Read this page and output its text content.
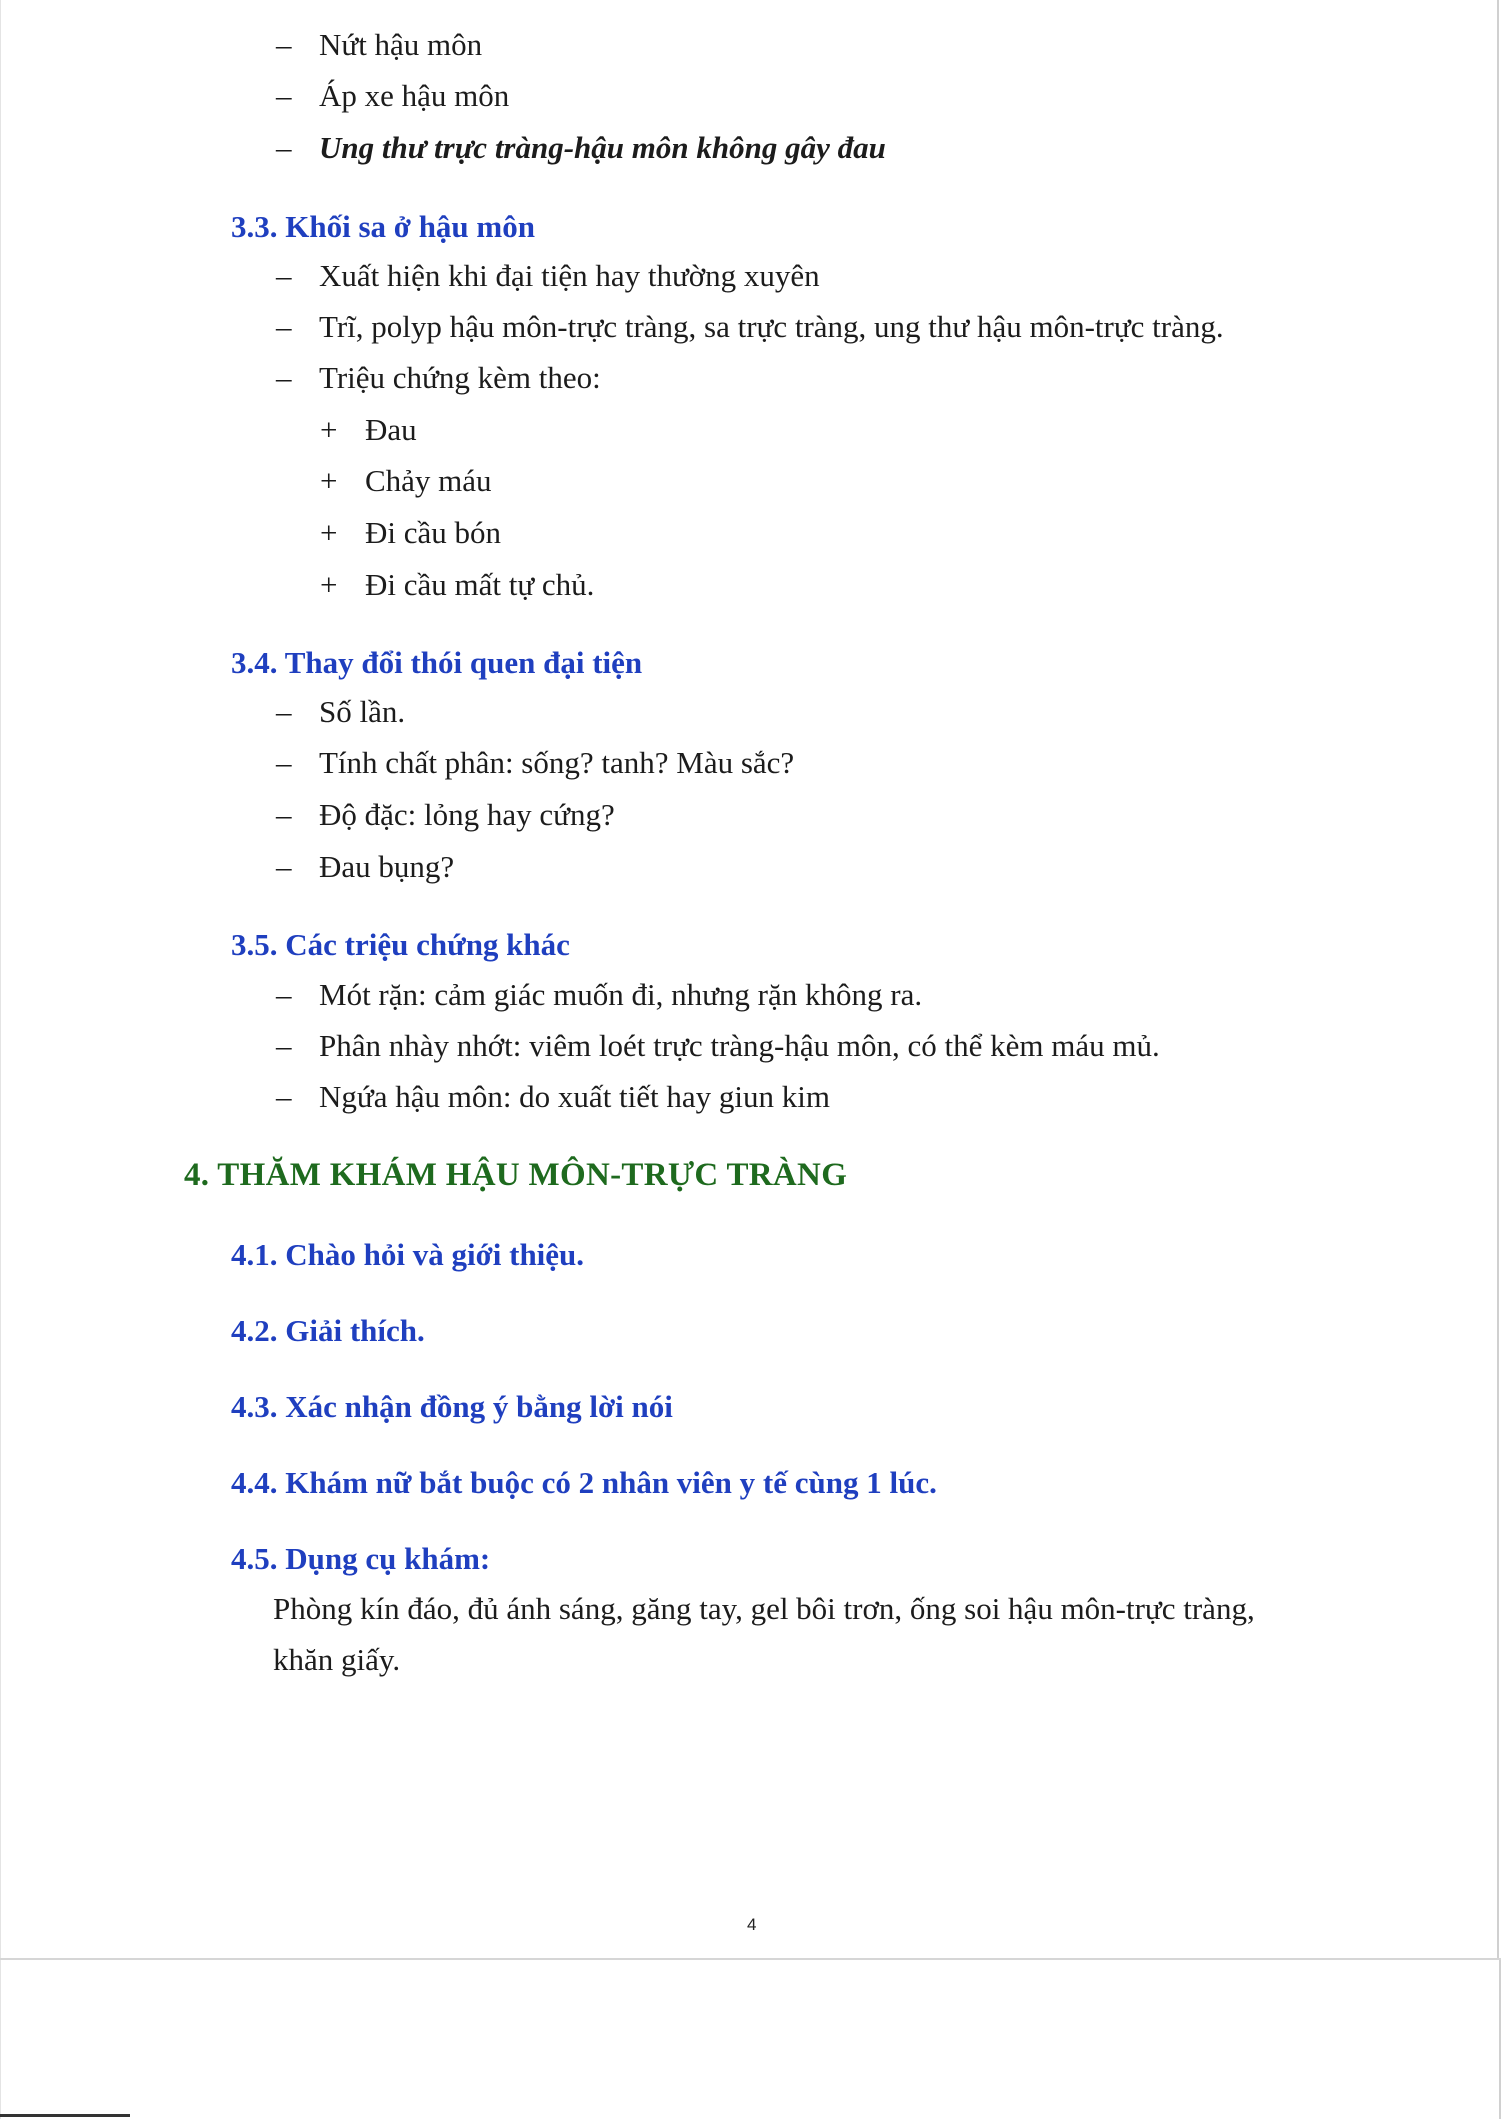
– Nứt hậu môn
– Áp xe hậu môn
– Ung thư trực tràng-hậu môn không gây đau
3.3. Khối sa ở hậu môn
– Xuất hiện khi đại tiện hay thường xuyên
– Trĩ, polyp hậu môn-trực tràng, sa trực tràng, ung thư hậu môn-trực tràng.
– Triệu chứng kèm theo:
+ Đau
+ Chảy máu
+ Đi cầu bón
+ Đi cầu mất tự chủ.
3.4. Thay đổi thói quen đại tiện
– Số lần.
– Tính chất phân: sống? tanh? Màu sắc?
– Độ đặc: lỏng hay cứng?
– Đau bụng?
3.5. Các triệu chứng khác
– Mót rặn: cảm giác muốn đi, nhưng rặn không ra.
– Phân nhày nhớt: viêm loét trực tràng-hậu môn, có thể kèm máu mủ.
– Ngứa hậu môn: do xuất tiết hay giun kim
4. THĂM KHÁM HẬU MÔN-TRỰC TRÀNG
4.1. Chào hỏi và giới thiệu.
4.2. Giải thích.
4.3. Xác nhận đồng ý bằng lời nói
4.4. Khám nữ bắt buộc có 2 nhân viên y tế cùng 1 lúc.
4.5. Dụng cụ khám:
Phòng kín đáo, đủ ánh sáng, găng tay, gel bôi trơn, ống soi hậu môn-trực tràng,
khăn giấy.
4
